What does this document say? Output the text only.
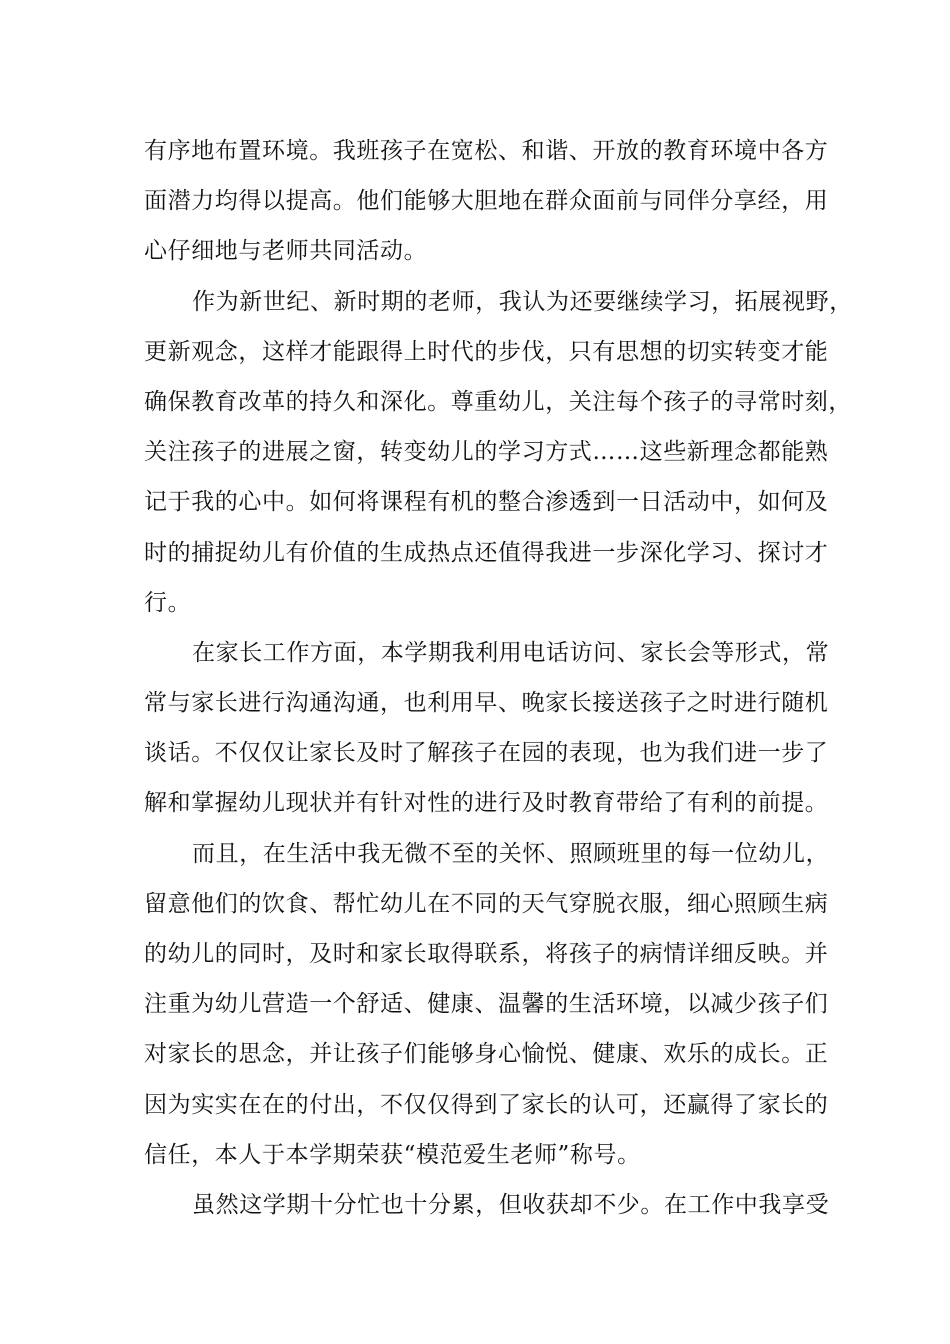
有序地布置环境。我班孩子在宽松、和谐、开放的教育环境中各方
面潜力均得以提高。他们能够大胆地在群众面前与同伴分享经，用
心仔细地与老师共同活动。
作为新世纪、新时期的老师，我认为还要继续学习，拓展视野，
更新观念，这样才能跟得上时代的步伐，只有思想的切实转变才能
确保教育改革的持久和深化。尊重幼儿，关注每个孩子的寻常时刻，
关注孩子的进展之窗，转变幼儿的学习方式……这些新理念都能熟
记于我的心中。如何将课程有机的整合渗透到一日活动中，如何及
时的捕捉幼儿有价值的生成热点还值得我进一步深化学习、探讨才
行。
在家长工作方面，本学期我利用电话访问、家长会等形式，常
常与家长进行沟通沟通，也利用早、晚家长接送孩子之时进行随机
谈话。不仅仅让家长及时了解孩子在园的表现，也为我们进一步了
解和掌握幼儿现状并有针对性的进行及时教育带给了有利的前提。
而且，在生活中我无微不至的关怀、照顾班里的每一位幼儿，
留意他们的饮食、帮忙幼儿在不同的天气穿脱衣服，细心照顾生病
的幼儿的同时，及时和家长取得联系，将孩子的病情详细反映。并
注重为幼儿营造一个舒适、健康、温馨的生活环境，以减少孩子们
对家长的思念，并让孩子们能够身心愉悦、健康、欢乐的成长。正
因为实实在在的付出，不仅仅得到了家长的认可，还赢得了家长的
信任，本人于本学期荣获“模范爱生老师”称号。
虽然这学期十分忙也十分累，但收获却不少。在工作中我享受
